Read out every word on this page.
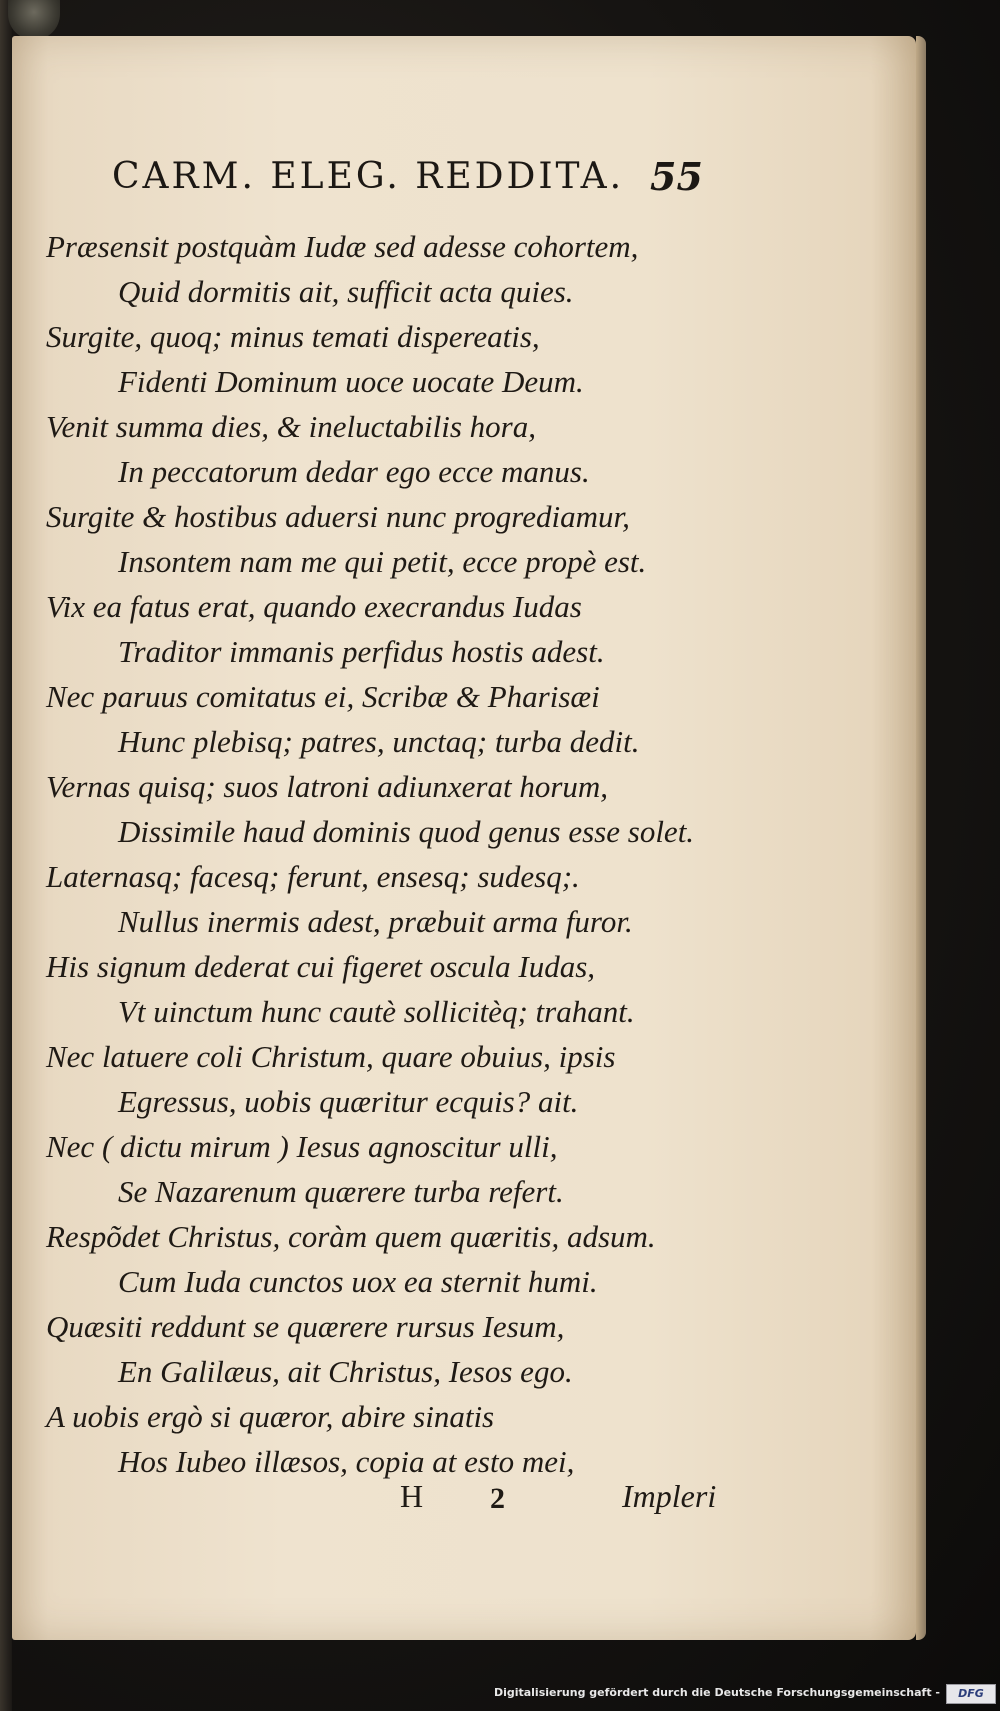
CARM. ELEG. REDDITA. 55
Præsensit postquàm Iudæ sed adesse cohortem,
Quid dormitis ait, sufficit acta quies.
Surgite, quoq; minus temati dispereatis,
Fidenti Dominum uoce uocate Deum.
Venit summa dies, & ineluctabilis hora,
In peccatorum dedar ego ecce manus.
Surgite & hostibus aduersi nunc progrediamur,
Insontem nam me qui petit, ecce propè est.
Vix ea fatus erat, quando execrandus Iudas
Traditor immanis perfidus hostis adest.
Nec paruus comitatus ei, Scribæ & Pharisæi
Hunc plebisq; patres, unctaq; turba dedit.
Vernas quisq; suos latroni adiunxerat horum,
Dissimile haud dominis quod genus esse solet.
Laternasq; facesq; ferunt, ensesq; sudesq;.
Nullus inermis adest, præbuit arma furor.
His signum dederat cui figeret oscula Iudas,
Vt uinctum hunc cautè sollicitèq; trahant.
Nec latuere coli Christum, quare obuius, ipsis
Egressus, uobis quæritur ecquis? ait.
Nec ( dictu mirum ) Iesus agnoscitur ulli,
Se Nazarenum quærere turba refert.
Respõdet Christus, coràm quem quæritis, adsum.
Cum Iuda cunctos uox ea sternit humi.
Quæsiti reddunt se quærere rursus Iesum,
En Galilæus, ait Christus, Iesos ego.
A uobis ergò si quæror, abire sinatis
Hos Iubeo illæsos, copia at esto mei,
H 2	Impleri
Digitalisierung gefördert durch die Deutsche Forschungsgemeinschaft -	DFG
